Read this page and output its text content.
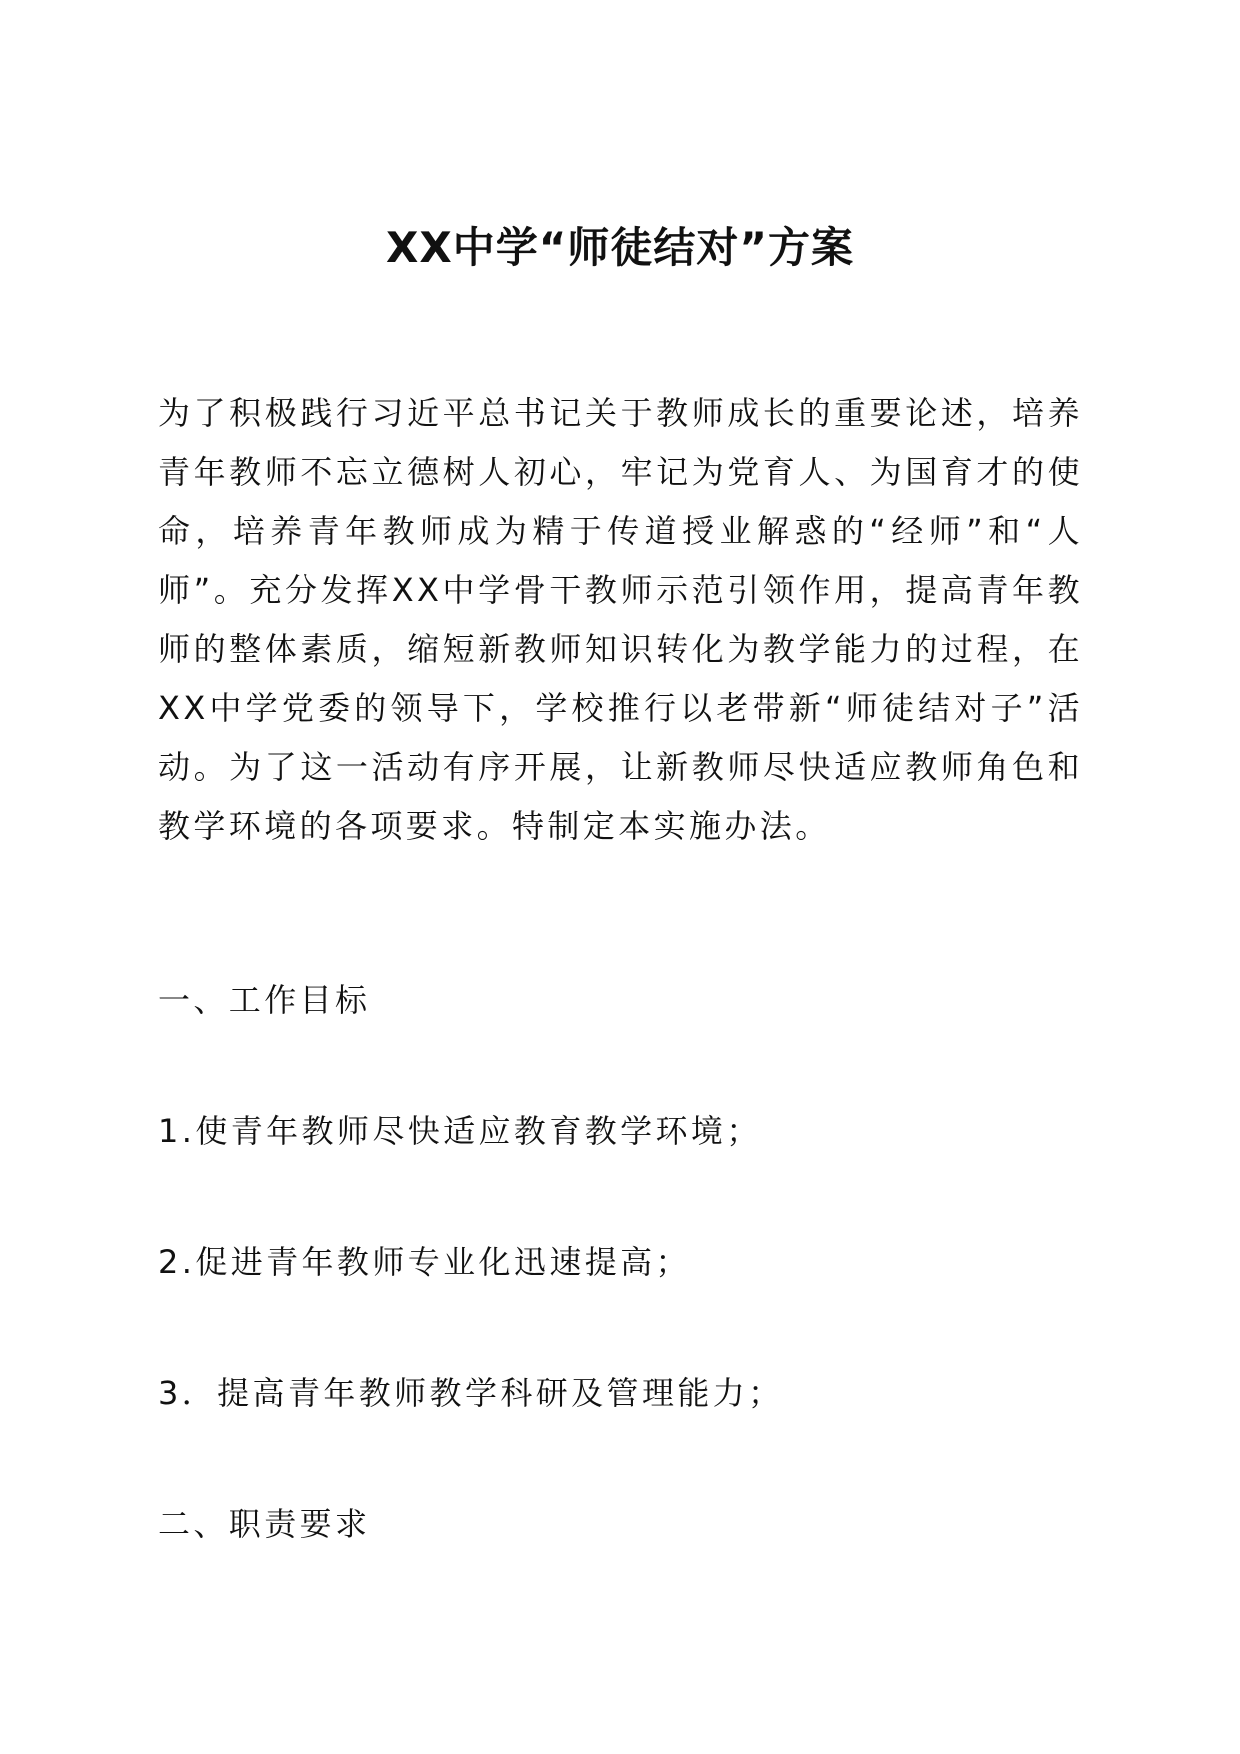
XX中学“师徒结对”方案

为了积极践行习近平总书记关于教师成长的重要论述，培养青年教师不忘立德树人初心，牢记为党育人、为国育才的使命，培养青年教师成为精于传道授业解惑的“经师”和“人师”。充分发挥XX中学骨干教师示范引领作用，提高青年教师的整体素质，缩短新教师知识转化为教学能力的过程，在XX中学党委的领导下，学校推行以老带新“师徒结对子”活动。为了这一活动有序开展，让新教师尽快适应教师角色和教学环境的各项要求。特制定本实施办法。

一、工作目标
1.使青年教师尽快适应教育教学环境；
2.促进青年教师专业化迅速提高；
3．提高青年教师教学科研及管理能力；
二、职责要求
